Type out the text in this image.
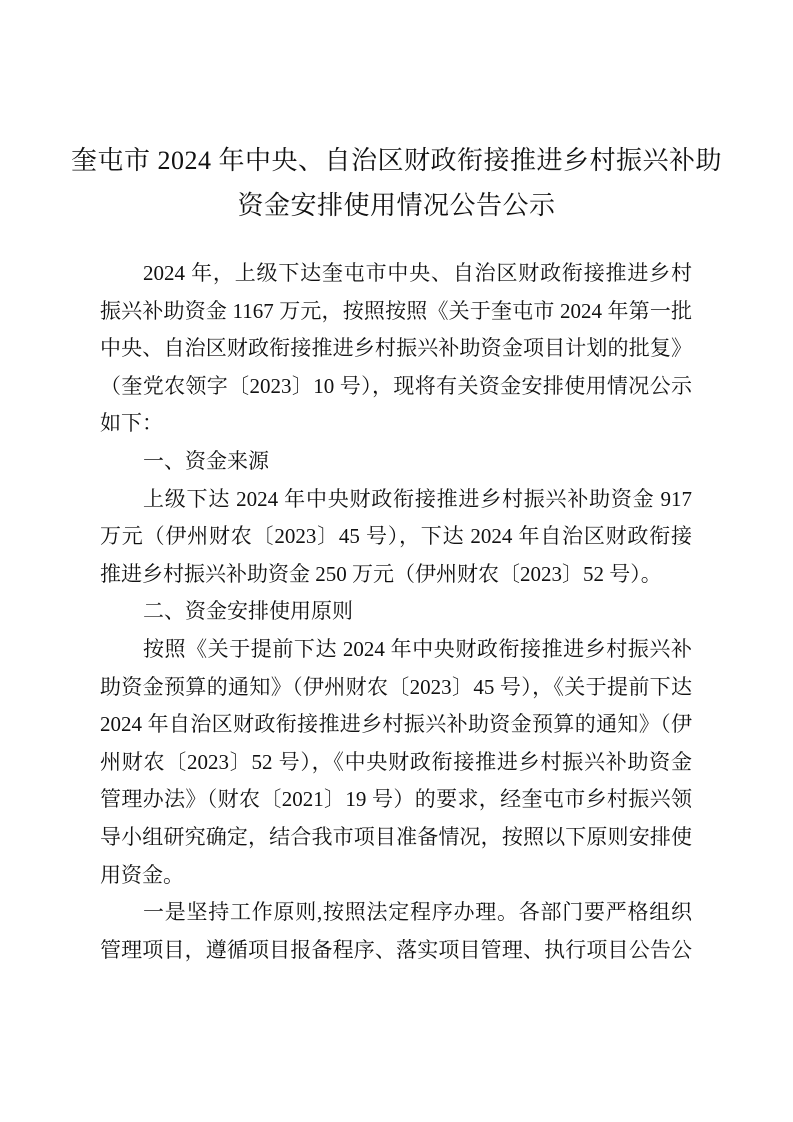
奎屯市 2024 年中央、自治区财政衔接推进乡村振兴补助
资金安排使用情况公告公示
2024 年，上级下达奎屯市中央、自治区财政衔接推进乡村
振兴补助资金 1167 万元，按照按照《关于奎屯市 2024 年第一批
中央、自治区财政衔接推进乡村振兴补助资金项目计划的批复》
（奎党农领字〔2023〕10 号），现将有关资金安排使用情况公示
如下：
一、资金来源
上级下达 2024 年中央财政衔接推进乡村振兴补助资金 917
万元（伊州财农〔2023〕45 号），下达 2024 年自治区财政衔接
推进乡村振兴补助资金 250 万元（伊州财农〔2023〕52 号）。
二、资金安排使用原则
按照《关于提前下达 2024 年中央财政衔接推进乡村振兴补
助资金预算的通知》（伊州财农〔2023〕45 号），《关于提前下达
2024 年自治区财政衔接推进乡村振兴补助资金预算的通知》（伊
州财农〔2023〕52 号），《中央财政衔接推进乡村振兴补助资金
管理办法》（财农〔2021〕19 号）的要求，经奎屯市乡村振兴领
导小组研究确定，结合我市项目准备情况，按照以下原则安排使
用资金。
一是坚持工作原则,按照法定程序办理。各部门要严格组织
管理项目，遵循项目报备程序、落实项目管理、执行项目公告公
